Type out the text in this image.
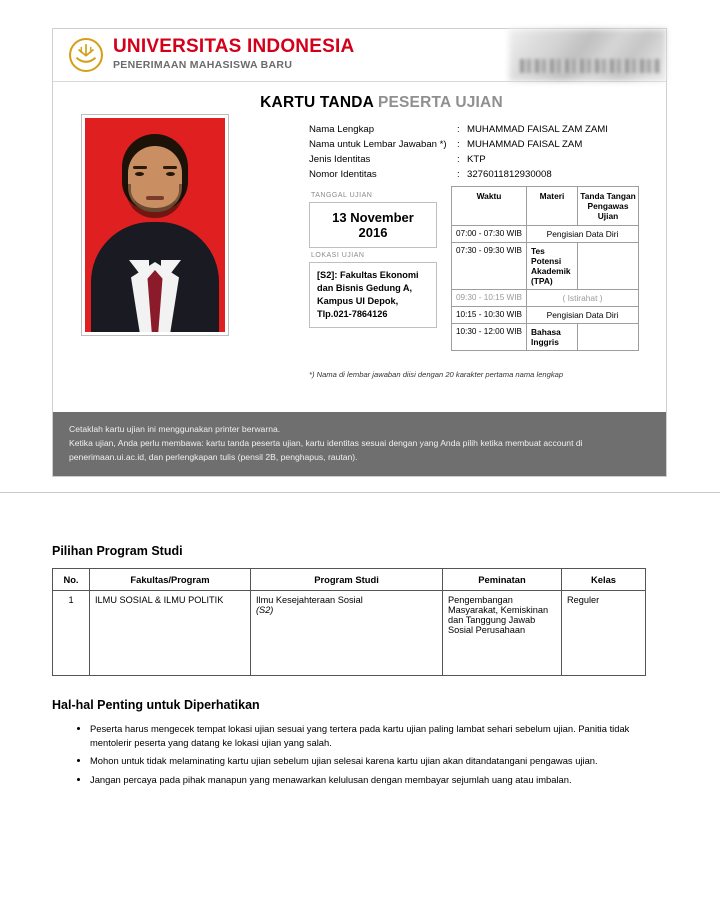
UNIVERSITAS INDONESIA
PENERIMAAN MAHASISWA BARU
KARTU TANDA PESERTA UJIAN
Nama Lengkap	: MUHAMMAD FAISAL ZAM ZAMI
Nama untuk Lembar Jawaban *)	: MUHAMMAD FAISAL ZAM
Jenis Identitas	: KTP
Nomor Identitas	: 3276011812930008
TANGGAL UJIAN
13 November 2016
LOKASI UJIAN
[S2]: Fakultas Ekonomi dan Bisnis Gedung A, Kampus UI Depok, Tlp.021-7864126
Waktu	Materi	Tanda Tangan Pengawas Ujian
07:00 - 07:30 WIB	Pengisian Data Diri	
07:30 - 09:30 WIB	Tes Potensi Akademik (TPA)	
09:30 - 10:15 WIB	( Istirahat )	
10:15 - 10:30 WIB	Pengisian Data Diri	
10:30 - 12:00 WIB	Bahasa Inggris	
*) Nama di lembar jawaban diisi dengan 20 karakter pertama nama lengkap
Cetaklah kartu ujian ini menggunakan printer berwarna.
Ketika ujian, Anda perlu membawa: kartu tanda peserta ujian, kartu identitas sesuai dengan yang Anda pilih ketika membuat account di
penerimaan.ui.ac.id, dan perlengkapan tulis (pensil 2B, penghapus, rautan).
Pilihan Program Studi
No.	Fakultas/Program	Program Studi	Peminatan	Kelas
1	ILMU SOSIAL & ILMU POLITIK	Ilmu Kesejahteraan Sosial
(S2)	Pengembangan Masyarakat, Kemiskinan dan Tanggung Jawab Sosial Perusahaan	Reguler
Hal-hal Penting untuk Diperhatikan
• Peserta harus mengecek tempat lokasi ujian sesuai yang tertera pada kartu ujian paling lambat sehari sebelum ujian. Panitia tidak mentolerir peserta yang datang ke lokasi ujian yang salah.
• Mohon untuk tidak melaminating kartu ujian sebelum ujian selesai karena kartu ujian akan ditandatangani pengawas ujian.
• Jangan percaya pada pihak manapun yang menawarkan kelulusan dengan membayar sejumlah uang atau imbalan.
